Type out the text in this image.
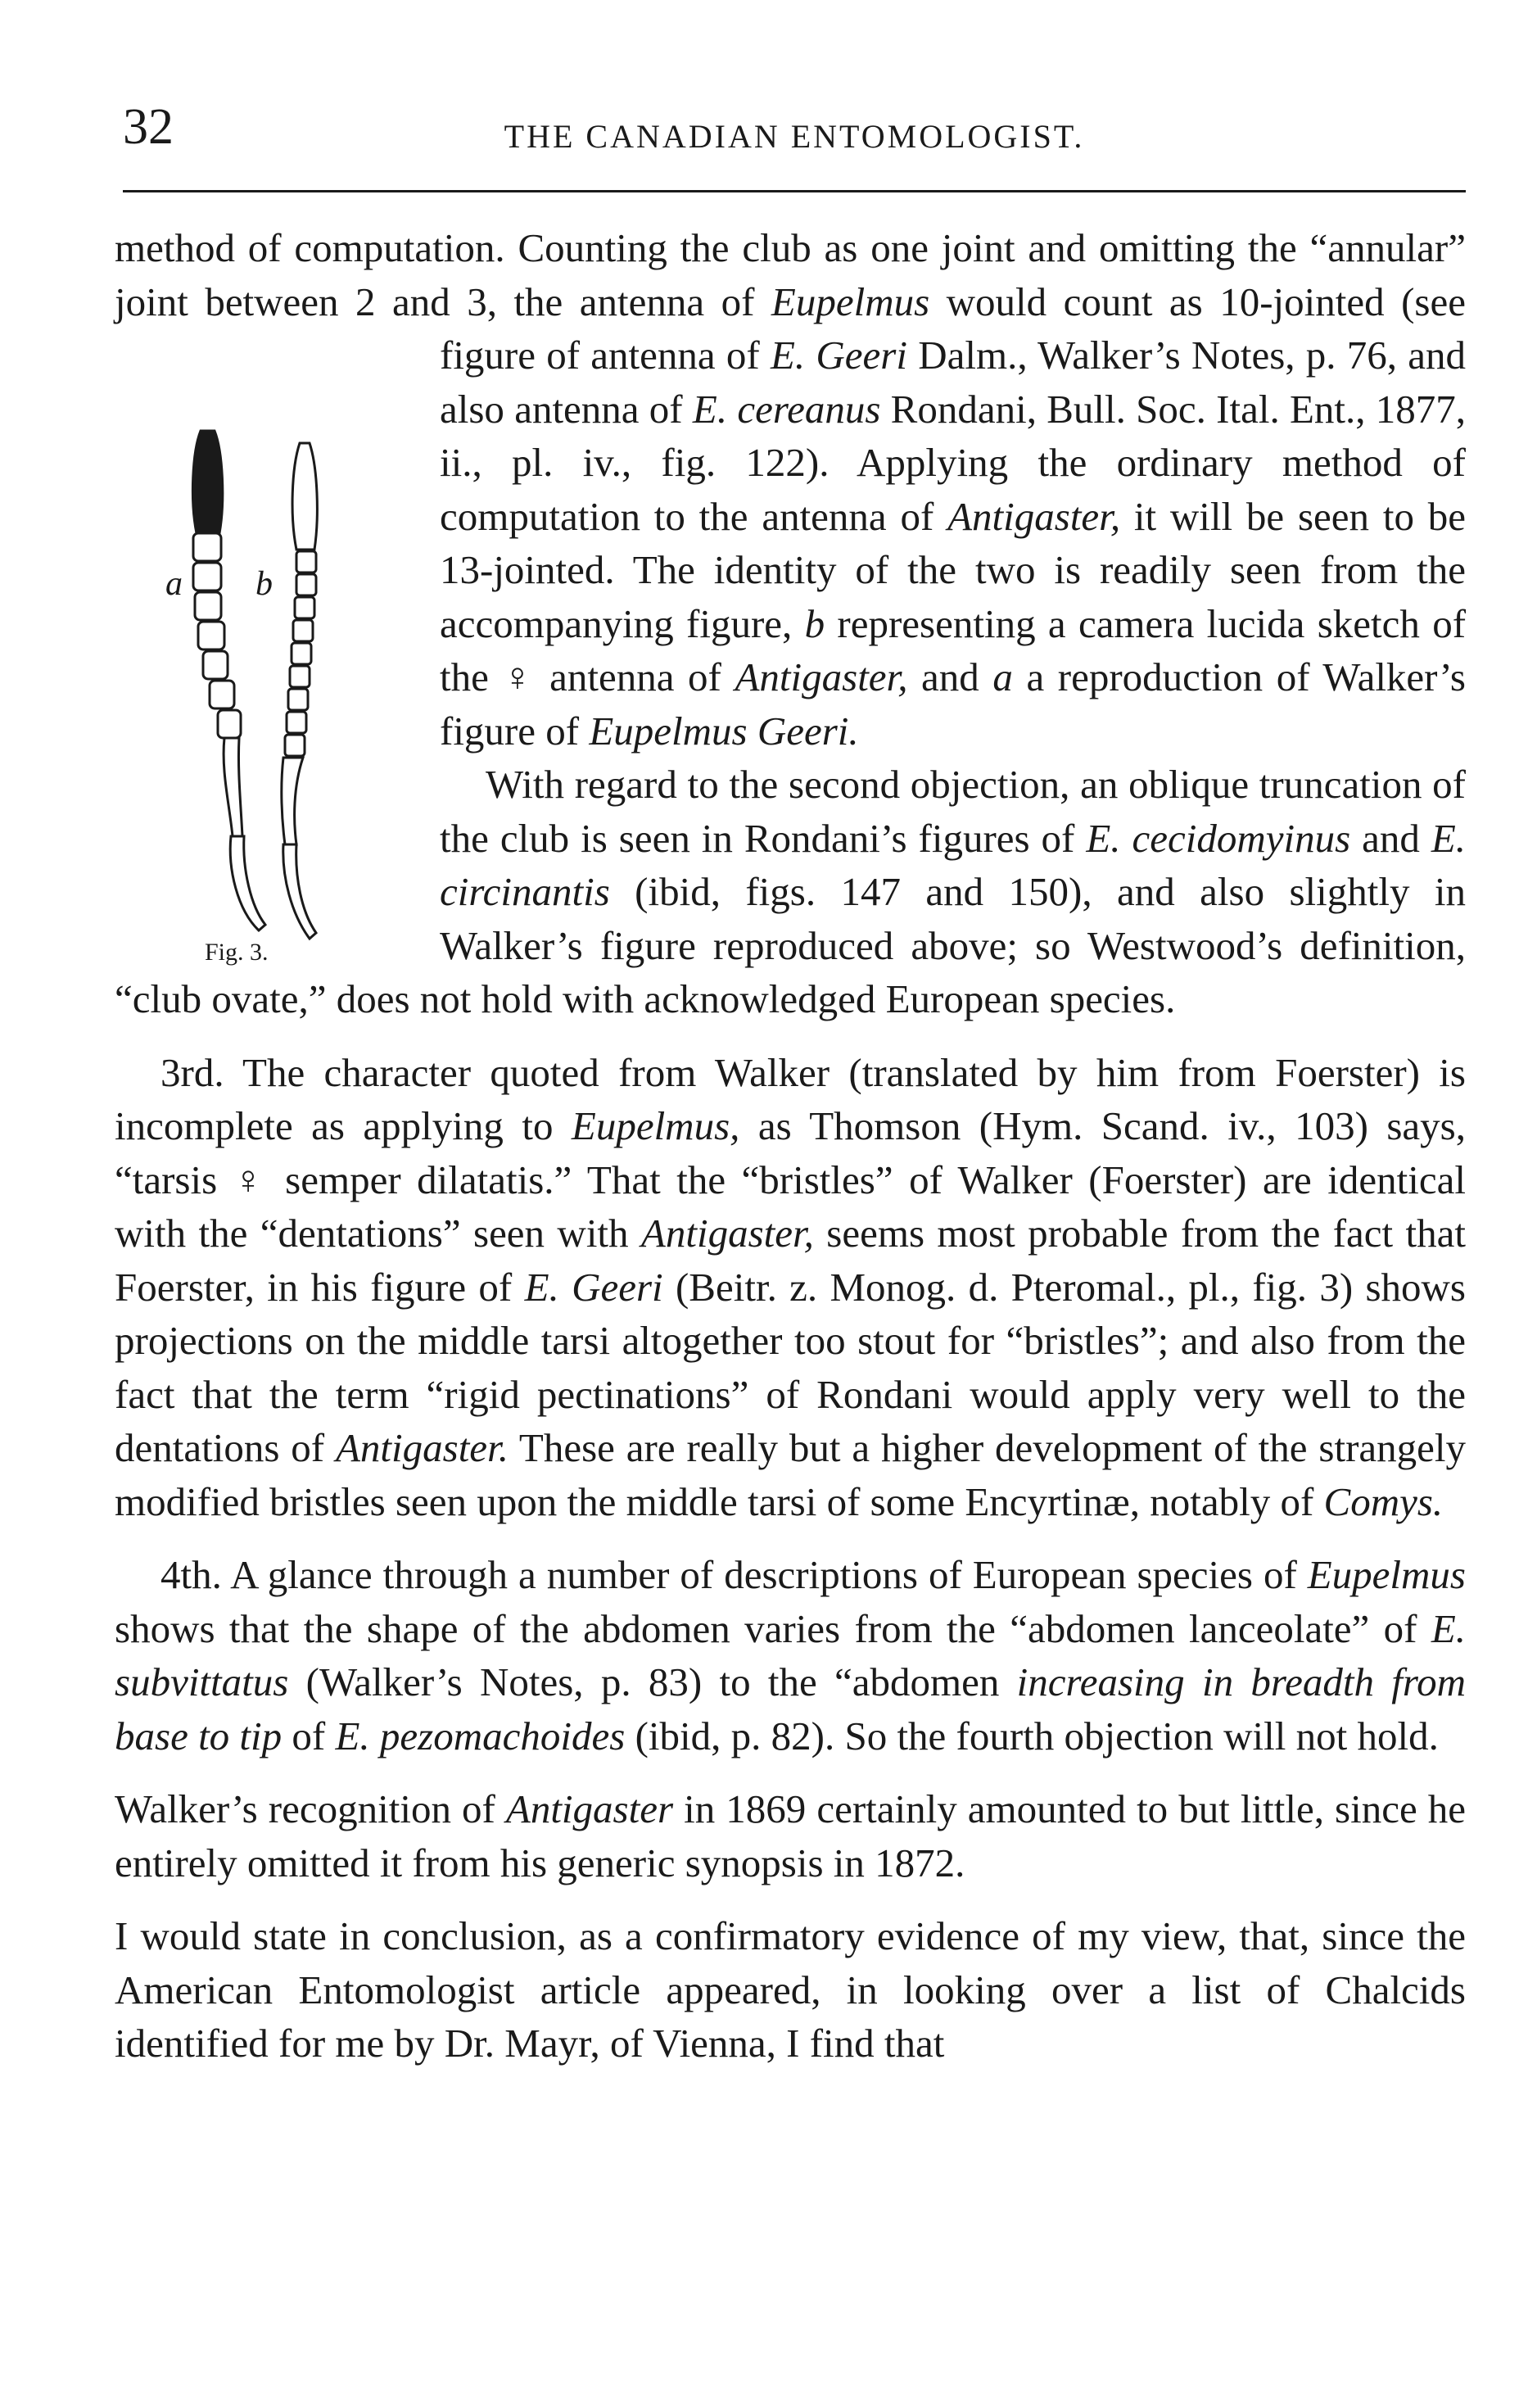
32	THE CANADIAN ENTOMOLOGIST.

method of computation. Counting the club as one joint and omitting the “annular” joint between 2 and 3, the antenna of Eupelmus would count as 10-jointed (see figure of antenna of
a b
Fig. 3.
E. Geeri Dalm., Walker’s Notes, p. 76, and also antenna of E. cereanus Rondani, Bull. Soc. Ital. Ent., 1877, ii., pl. iv., fig. 122). Applying the ordinary method of computation to the antenna of Antigaster, it will be seen to be 13-jointed. The identity of the two is readily seen from the accompanying figure, b representing a camera lucida sketch of the ♀ antenna of Antigaster, and a a reproduction of Walker’s figure of Eupelmus Geeri.

With regard to the second objection, an oblique truncation of the club is seen in Rondani’s figures of E. cecidomyinus and E. circinantis (ibid, figs. 147 and 150), and also slightly in Walker’s figure reproduced above; so Westwood’s definition, “club ovate,” does not hold with acknowledged European species.

3rd. The character quoted from Walker (translated by him from Foerster) is incomplete as applying to Eupelmus, as Thomson (Hym. Scand. iv., 103) says, “tarsis ♀ semper dilatatis.” That the “bristles” of Walker (Foerster) are identical with the “dentations” seen with Antigaster, seems most probable from the fact that Foerster, in his figure of E. Geeri (Beitr. z. Monog. d. Pteromal., pl., fig. 3) shows projections on the middle tarsi altogether too stout for “bristles”; and also from the fact that the term “rigid pectinations” of Rondani would apply very well to the dentations of Antigaster. These are really but a higher development of the strangely modified bristles seen upon the middle tarsi of some Encyrtinæ, notably of Comys.

4th. A glance through a number of descriptions of European species of Eupelmus shows that the shape of the abdomen varies from the “abdomen lanceolate” of E. subvittatus (Walker’s Notes, p. 83) to the “abdomen increasing in breadth from base to tip of E. pezomachoides (ibid, p. 82). So the fourth objection will not hold.

Walker’s recognition of Antigaster in 1869 certainly amounted to but little, since he entirely omitted it from his generic synopsis in 1872.

I would state in conclusion, as a confirmatory evidence of my view, that, since the American Entomologist article appeared, in looking over a list of Chalcids identified for me by Dr. Mayr, of Vienna, I find that
